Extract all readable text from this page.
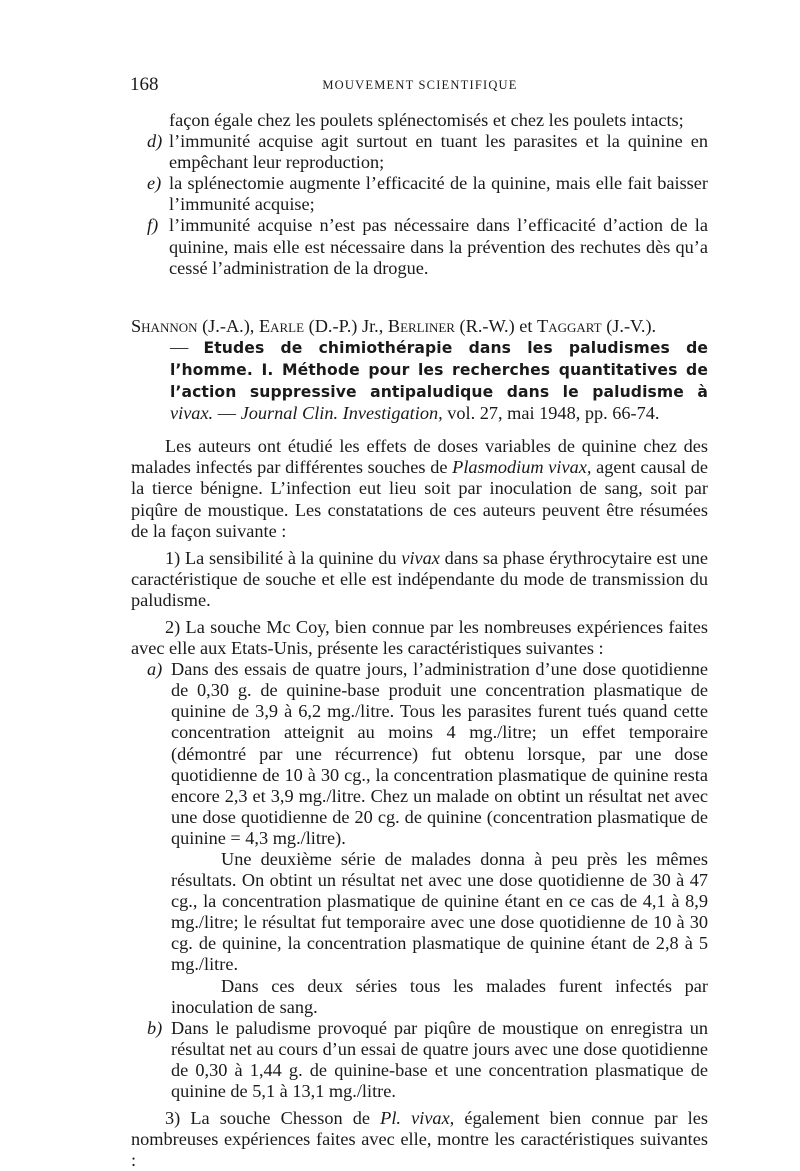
168	MOUVEMENT SCIENTIFIQUE

façon égale chez les poulets splénectomisés et chez les poulets intacts;

d) l’immunité acquise agit surtout en tuant les parasites et la quinine en empêchant leur reproduction;

e) la splénectomie augmente l’efficacité de la quinine, mais elle fait baisser l’immunité acquise;

f) l’immunité acquise n’est pas nécessaire dans l’efficacité d’action de la quinine, mais elle est nécessaire dans la prévention des rechutes dès qu’a cessé l’administration de la drogue.

Shannon (J.-A.), Earle (D.-P.) Jr., Berliner (R.-W.) et Taggart (J.-V.).

— Etudes de chimiothérapie dans les paludismes de l’homme. I. Méthode pour les recherches quantitatives de l’action suppressive antipaludique dans le paludisme à vivax. — Journal Clin. Investigation, vol. 27, mai 1948, pp. 66-74.

Les auteurs ont étudié les effets de doses variables de quinine chez des malades infectés par différentes souches de Plasmodium vivax, agent causal de la tierce bénigne. L’infection eut lieu soit par inoculation de sang, soit par piqûre de moustique. Les constatations de ces auteurs peuvent être résumées de la façon suivante :

1) La sensibilité à la quinine du vivax dans sa phase érythrocytaire est une caractéristique de souche et elle est indépendante du mode de transmission du paludisme.

2) La souche Mc Coy, bien connue par les nombreuses expériences faites avec elle aux Etats-Unis, présente les caractéristiques suivantes :

a) Dans des essais de quatre jours, l’administration d’une dose quotidienne de 0,30 g. de quinine-base produit une concentration plasmatique de quinine de 3,9 à 6,2 mg./litre. Tous les parasites furent tués quand cette concentration atteignit au moins 4 mg./litre; un effet temporaire (démontré par une récurrence) fut obtenu lorsque, par une dose quotidienne de 10 à 30 cg., la concentration plasmatique de quinine resta encore 2,3 et 3,9 mg./litre. Chez un malade on obtint un résultat net avec une dose quotidienne de 20 cg. de quinine (concentration plasmatique de quinine = 4,3 mg./litre).

Une deuxième série de malades donna à peu près les mêmes résultats. On obtint un résultat net avec une dose quotidienne de 30 à 47 cg., la concentration plasmatique de quinine étant en ce cas de 4,1 à 8,9 mg./litre; le résultat fut temporaire avec une dose quotidienne de 10 à 30 cg. de quinine, la concentration plasmatique de quinine étant de 2,8 à 5 mg./litre.

Dans ces deux séries tous les malades furent infectés par inoculation de sang.

b) Dans le paludisme provoqué par piqûre de moustique on enregistra un résultat net au cours d’un essai de quatre jours avec une dose quotidienne de 0,30 à 1,44 g. de quinine-base et une concentration plasmatique de quinine de 5,1 à 13,1 mg./litre.

3) La souche Chesson de Pl. vivax, également bien connue par les nombreuses expériences faites avec elle, montre les caractéristiques suivantes :
